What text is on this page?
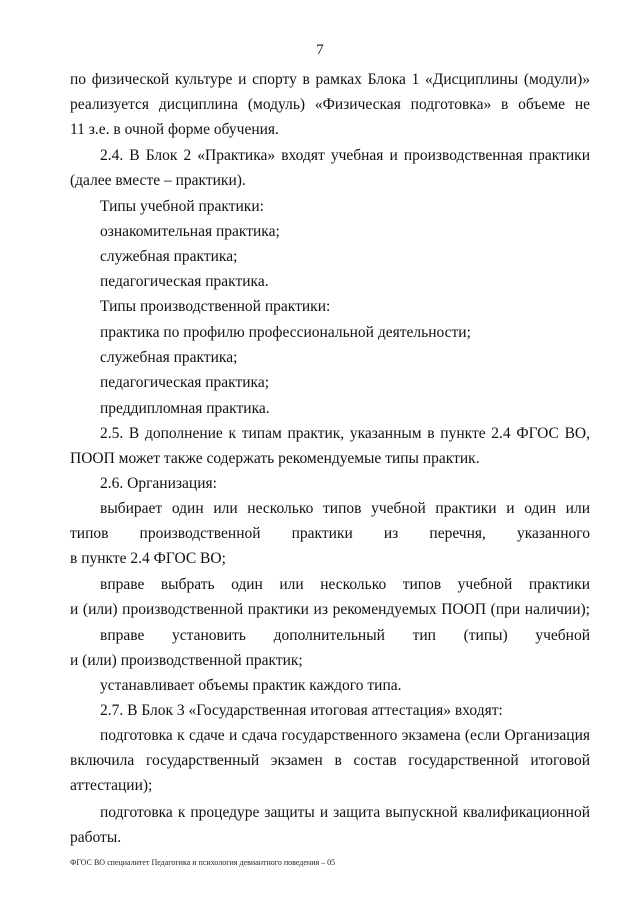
7
по физической культуре и спорту в рамках Блока 1 «Дисциплины (модули)»
реализуется дисциплина (модуль) «Физическая подготовка» в объеме не
11 з.е. в очной форме обучения.
2.4. В Блок 2 «Практика» входят учебная и производственная практики
(далее вместе – практики).
Типы учебной практики:
ознакомительная практика;
служебная практика;
педагогическая практика.
Типы производственной практики:
практика по профилю профессиональной деятельности;
служебная практика;
педагогическая практика;
преддипломная практика.
2.5. В дополнение к типам практик, указанным в пункте 2.4 ФГОС ВО,
ПООП может также содержать рекомендуемые типы практик.
2.6. Организация:
выбирает один или несколько типов учебной практики и один или
типов производственной практики из перечня, указанного
в пункте 2.4 ФГОС ВО;
вправе выбрать один или несколько типов учебной практики
и (или) производственной практики из рекомендуемых ПООП (при наличии);
вправе установить дополнительный тип (типы) учебной
и (или) производственной практик;
устанавливает объемы практик каждого типа.
2.7. В Блок 3 «Государственная итоговая аттестация» входят:
подготовка к сдаче и сдача государственного экзамена (если Организация
включила государственный экзамен в состав государственной итоговой
аттестации);
подготовка к процедуре защиты и защита выпускной квалификационной
работы.
ФГОС ВО специалитет Педагогика и психология девиантного поведения – 05
